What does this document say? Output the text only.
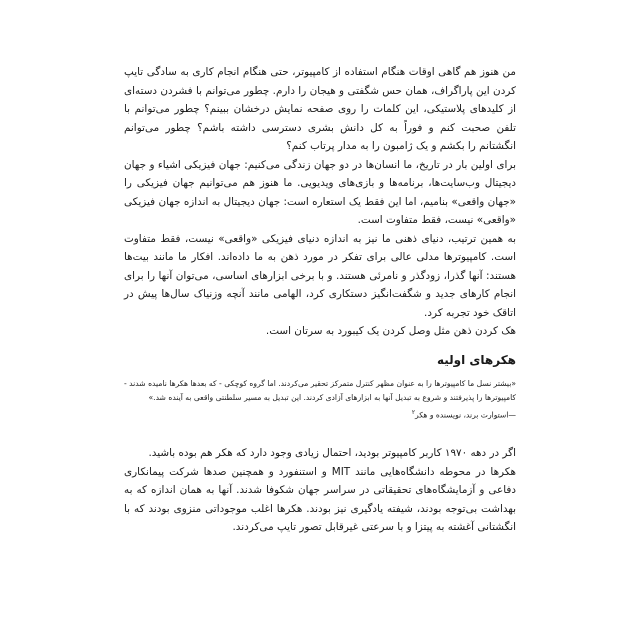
من هنوز هم گاهی اوقات هنگام استفاده از کامپیوتر، حتی هنگام انجام کاری به سادگی تایپ کردن این پاراگراف، همان حس شگفتی و هیجان را دارم. چطور می‌توانم با فشردن دسته‌ای از کلیدهای پلاستیکی، این کلمات را روی صفحه نمایش درخشان ببینم؟ چطور می‌توانم با تلفن صحبت کنم و فوراً به کل دانش بشری دسترسی داشته باشم؟ چطور می‌توانم انگشتانم را بکشم و یک ژامبون را به مدار پرتاب کنم؟

برای اولین بار در تاریخ، ما انسان‌ها در دو جهان زندگی می‌کنیم: جهان فیزیکی اشیاء و جهان دیجیتال وب‌سایت‌ها، برنامه‌ها و بازی‌های ویدیویی. ما هنوز هم می‌توانیم جهان فیزیکی را «جهان واقعی» بنامیم، اما این فقط یک استعاره است: جهان دیجیتال به اندازه جهان فیزیکی «واقعی» نیست، فقط متفاوت است.

به همین ترتیب، دنیای ذهنی ما نیز به اندازه دنیای فیزیکی «واقعی» نیست، فقط متفاوت است. کامپیوترها مدلی عالی برای تفکر در مورد ذهن به ما داده‌اند. افکار ما مانند بیت‌ها هستند: آنها گذرا، زودگذر و نامرئی هستند. و با برخی ابزارهای اساسی، می‌توان آنها را برای انجام کارهای جدید و شگفت‌انگیز دستکاری کرد، الهامی مانند آنچه وزنیاک سال‌ها پیش در اتاقک خود تجربه کرد.

هک کردن ذهن مثل وصل کردن یک کیبورد به سرتان است.

هکرهای اولیه

«بیشتر نسل ما کامپیوترها را به عنوان مظهر کنترل متمرکز تحقیر می‌کردند. اما گروه کوچکی - که بعدها هکرها نامیده شدند - کامپیوترها را پذیرفتند و شروع به تبدیل آنها به ابزارهای آزادی کردند. این تبدیل به مسیر سلطنتی واقعی به آینده شد.»

—استوارت برند، نویسنده و هکر$^۲$

اگر در دهه ۱۹۷۰ کاربر کامپیوتر بودید، احتمال زیادی وجود دارد که هکر هم بوده باشید.

هکرها در محوطه دانشگاه‌هایی مانند MIT و استنفورد و همچنین صدها شرکت پیمانکاری دفاعی و آزمایشگاه‌های تحقیقاتی در سراسر جهان شکوفا شدند. آنها به همان اندازه که به بهداشت بی‌توجه بودند، شیفته یادگیری نیز بودند. هکرها اغلب موجوداتی منزوی بودند که با انگشتانی آغشته به پیتزا و با سرعتی غیرقابل تصور تایپ می‌کردند.
